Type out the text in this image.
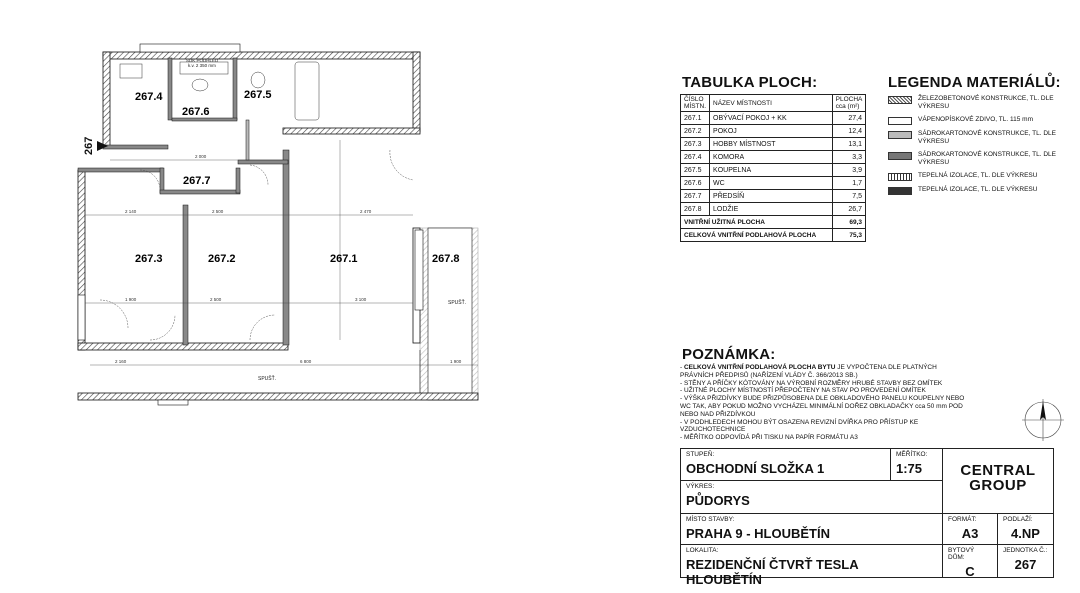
2 140	2 500	2 470
1 900	2 500	3 100
2 160	6 800	1 900
2 000
SPUŠŤ.
SPUŠŤ.
SDK PODHLED
k.v. 2 350 mm
267
267.1
267.2
267.3
267.4	267.5
267.6
267.7
267.8
TABULKA PLOCH:
ČÍSLO MÍSTN.	NÁZEV MÍSTNOSTI	PLOCHA cca (m²)
267.1	OBÝVACÍ POKOJ + KK	27,4
267.2	POKOJ	12,4
267.3	HOBBY MÍSTNOST	13,1
267.4	KOMORA	3,3
267.5	KOUPELNA	3,9
267.6	WC	1,7
267.7	PŘEDSÍŇ	7,5
267.8	LODŽIE	26,7
VNITŘNÍ UŽITNÁ PLOCHA		69,3
CELKOVÁ VNITŘNÍ PODLAHOVÁ PLOCHA		75,3
LEGENDA MATERIÁLŮ:
ŽELEZOBETONOVÉ KONSTRUKCE, TL. DLE VÝKRESU
VÁPENOPÍSKOVÉ ZDIVO, TL. 115 mm
SÁDROKARTONOVÉ KONSTRUKCE, TL. DLE VÝKRESU
SÁDROKARTONOVÉ KONSTRUKCE, TL. DLE VÝKRESU
TEPELNÁ IZOLACE, TL. DLE VÝKRESU
TEPELNÁ IZOLACE, TL. DLE VÝKRESU
POZNÁMKA:
- CELKOVÁ VNITŘNÍ PODLAHOVÁ PLOCHA BYTU JE VYPOČTENA DLE PLATNÝCH PRÁVNÍCH PŘEDPISŮ (NAŘÍZENÍ VLÁDY Č. 366/2013 SB.)
- STĚNY A PŘÍČKY KÓTOVÁNY NA VÝROBNÍ ROZMĚRY HRUBÉ STAVBY BEZ OMÍTEK
- UŽITNÉ PLOCHY MÍSTNOSTÍ PŘEPOČTENY NA STAV PO PROVEDENÍ OMÍTEK
- VÝŠKA PŘIZDÍVKY BUDE PŘIZPŮSOBENA DLE OBKLADOVÉHO PANELU KOUPELNY NEBO WC TAK, ABY POKUD MOŽNO VYCHÁZEL MINIMÁLNÍ DOŘEZ OBKLADAČKY cca 50 mm POD NEBO NAD PŘIZDÍVKOU
- V PODHLEDECH MOHOU BÝT OSAZENA REVIZNÍ DVÍŘKA PRO PŘÍSTUP KE VZDUCHOTECHNICE
- MĚŘÍTKO ODPOVÍDÁ PŘI TISKU NA PAPÍR FORMÁTU A3
STUPEŇ:
OBCHODNÍ SLOŽKA 1
MĚŘÍTKO:
1:75
VÝKRES:
PŮDORYS
CENTRAL
GROUP
MÍSTO STAVBY:
PRAHA 9 - HLOUBĚTÍN
FORMÁT:
A3
PODLAŽÍ:
4.NP
LOKALITA:
REZIDENČNÍ ČTVRŤ TESLA HLOUBĚTÍN
BYTOVÝ DŮM:
C
JEDNOTKA Č.:
267
